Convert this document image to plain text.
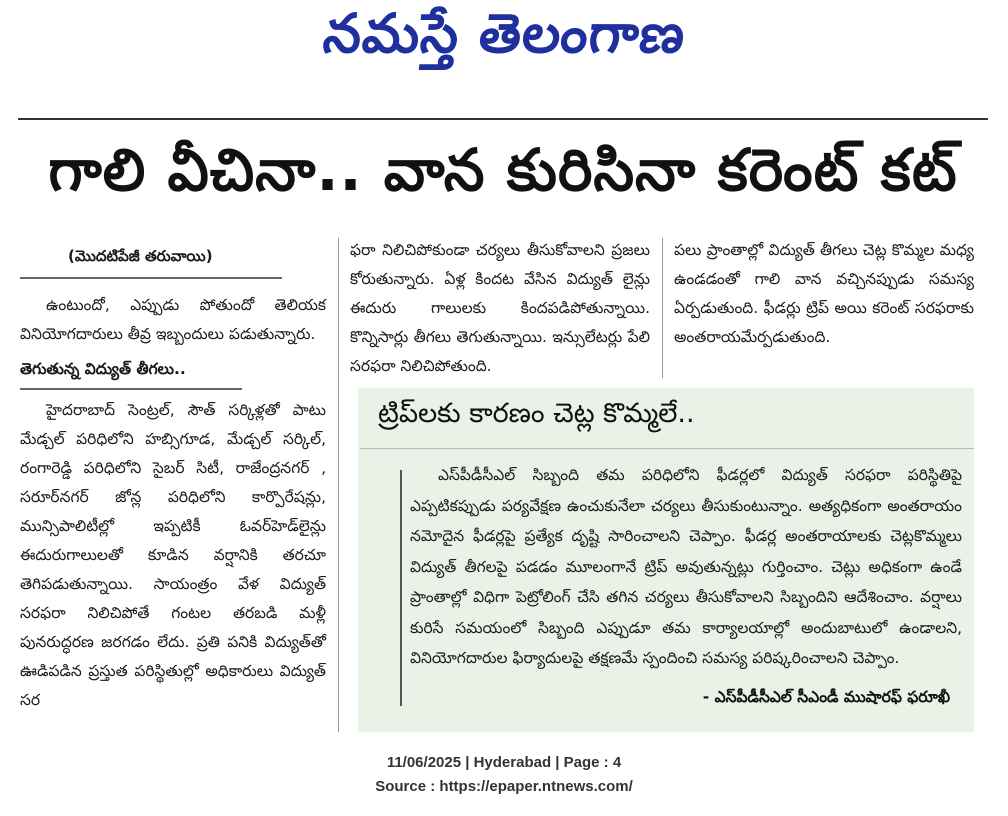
నమస్తే తెలంగాణ
గాలి వీచినా.. వాన కురిసినా కరెంట్ కట్
(మొదటిపేజీ తరువాయి)

ఉంటుందో, ఎప్పుడు పోతుందో తెలియక వినియోగదారులు తీవ్ర ఇబ్బందులు పడుతున్నారు.

తెగుతున్న విద్యుత్ తీగలు..

హైదరాబాద్ సెంట్రల్, సౌత్ సర్కిళ్లతో పాటు మేడ్చల్ పరిధిలోని హబ్సిగూడ, మేడ్చల్ సర్కిల్, రంగారెడ్డి పరిధిలోని సైబర్ సిటీ, రాజేంద్రనగర్ , సరూర్‌నగర్ జోన్ల పరిధిలోని కార్పొరేషన్లు, మున్సిపాలిటీల్లో ఇప్పటికీ ఓవర్‌హెడ్‌లైన్లు ఈదురుగాలులతో కూడిన వర్షానికి తరచూ తెగిపడుతున్నాయి. సాయంత్రం వేళ విద్యుత్ సరఫరా నిలిచిపోతే గంటల తరబడి మళ్లీ పునరుద్ధరణ జరగడం లేదు. ప్రతి పనికి విద్యుత్‌తో ఊడిపడిన ప్రస్తుత పరిస్థితుల్లో అధికారులు విద్యుత్ సర

ఫరా నిలిచిపోకుండా చర్యలు తీసుకోవాలని ప్రజలు కోరుతున్నారు. ఏళ్ల కిందట వేసిన విద్యుత్ లైన్లు ఈదురు గాలులకు కిందపడిపోతున్నాయి. కొన్నిసార్లు తీగలు తెగుతున్నాయి. ఇన్సులేటర్లు పేలి సరఫరా నిలిచిపోతుంది.

పలు ప్రాంతాల్లో విద్యుత్ తీగలు చెట్ల కొమ్మల మధ్య ఉండడంతో గాలి వాన వచ్చినప్పుడు సమస్య ఏర్పడుతుంది. ఫీడర్లు ట్రిప్ అయి కరెంట్ సరఫరాకు అంతరాయమేర్పడుతుంది.

ట్రిప్‌లకు కారణం చెట్ల కొమ్మలే..

ఎస్‌పీడీసీఎల్ సిబ్బంది తమ పరిధిలోని ఫీడర్లలో విద్యుత్ సరఫరా పరిస్థితిపై ఎప్పటికప్పుడు పర్యవేక్షణ ఉంచుకునేలా చర్యలు తీసుకుంటున్నాం. అత్యధికంగా అంతరాయం నమోదైన ఫీడర్లపై ప్రత్యేక దృష్టి సారించాలని చెప్పాం. ఫీడర్ల అంతరాయాలకు చెట్లకొమ్మలు విద్యుత్ తీగలపై పడడం మూలంగానే ట్రిప్ అవుతున్నట్లు గుర్తించాం. చెట్లు అధికంగా ఉండే ప్రాంతాల్లో విధిగా పెట్రోలింగ్ చేసి తగిన చర్యలు తీసుకోవాలని సిబ్బందిని ఆదేశించాం. వర్షాలు కురిసే సమయంలో సిబ్బంది ఎప్పుడూ తమ కార్యాలయాల్లో అందుబాటులో ఉండాలని, వినియోగదారుల ఫిర్యాదులపై తక్షణమే స్పందించి సమస్య పరిష్కరించాలని చెప్పాం.

- ఎస్‌పీడీసీఎల్ సీఎండీ ముషారఫ్ ఫరూఖీ
11/06/2025 | Hyderabad | Page : 4
Source : https://epaper.ntnews.com/
